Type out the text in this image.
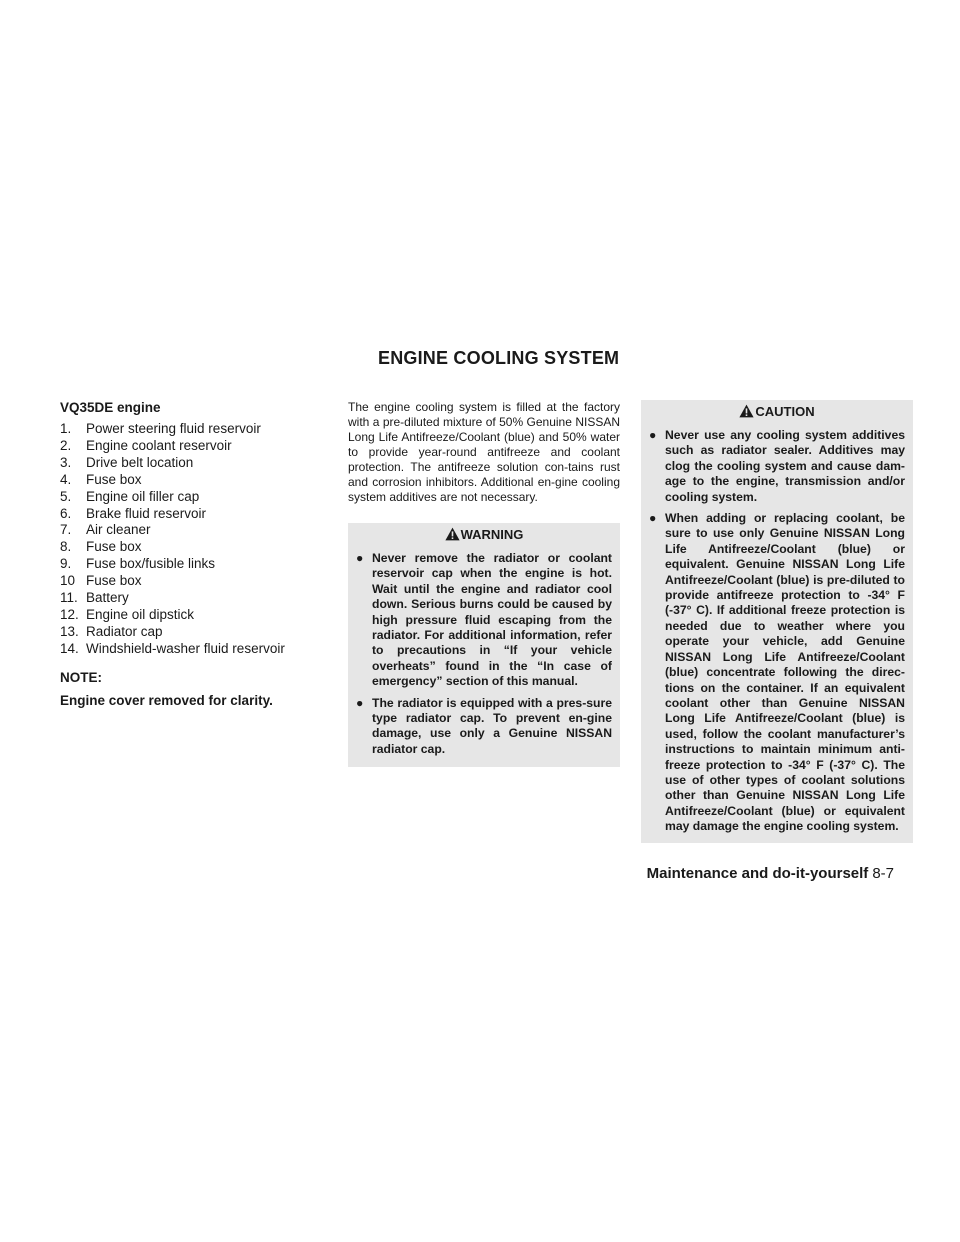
ENGINE COOLING SYSTEM
VQ35DE engine
1.	Power steering fluid reservoir
2.	Engine coolant reservoir
3.	Drive belt location
4.	Fuse box
5.	Engine oil filler cap
6.	Brake fluid reservoir
7.	Air cleaner
8.	Fuse box
9.	Fuse box/fusible links
10 Fuse box
11. Battery
12. Engine oil dipstick
13. Radiator cap
14. Windshield-washer fluid reservoir
NOTE:
Engine cover removed for clarity.

The engine cooling system is filled at the factory with a pre-diluted mixture of 50% Genuine NISSAN Long Life Antifreeze/Coolant (blue) and 50% water to provide year-round antifreeze and coolant protection. The antifreeze solution con-tains rust and corrosion inhibitors. Additional en-gine cooling system additives are not necessary.

WARNING
● Never remove the radiator or coolant reservoir cap when the engine is hot. Wait until the engine and radiator cool down. Serious burns could be caused by high pressure fluid escaping from the radiator. For additional information, refer to precautions in “If your vehicle overheats” found in the “In case of emergency” section of this manual.
● The radiator is equipped with a pres-sure type radiator cap. To prevent en-gine damage, use only a Genuine NISSAN radiator cap.
CAUTION
● Never use any cooling system additives such as radiator sealer. Additives may clog the cooling system and cause dam-age to the engine, transmission and/or cooling system.
● When adding or replacing coolant, be sure to use only Genuine NISSAN Long Life Antifreeze/Coolant (blue) or equivalent. Genuine NISSAN Long Life Antifreeze/Coolant (blue) is pre-diluted to provide antifreeze protection to -34° F (-37° C). If additional freeze protection is needed due to weather where you operate your vehicle, add Genuine NISSAN Long Life Antifreeze/Coolant (blue) concentrate following the direc-tions on the container. If an equivalent coolant other than Genuine NISSAN Long Life Antifreeze/Coolant (blue) is used, follow the coolant manufacturer’s instructions to maintain minimum anti-freeze protection to -34° F (-37° C). The use of other types of coolant solutions other than Genuine NISSAN Long Life Antifreeze/Coolant (blue) or equivalent may damage the engine cooling system.
Maintenance and do-it-yourself 8-7
